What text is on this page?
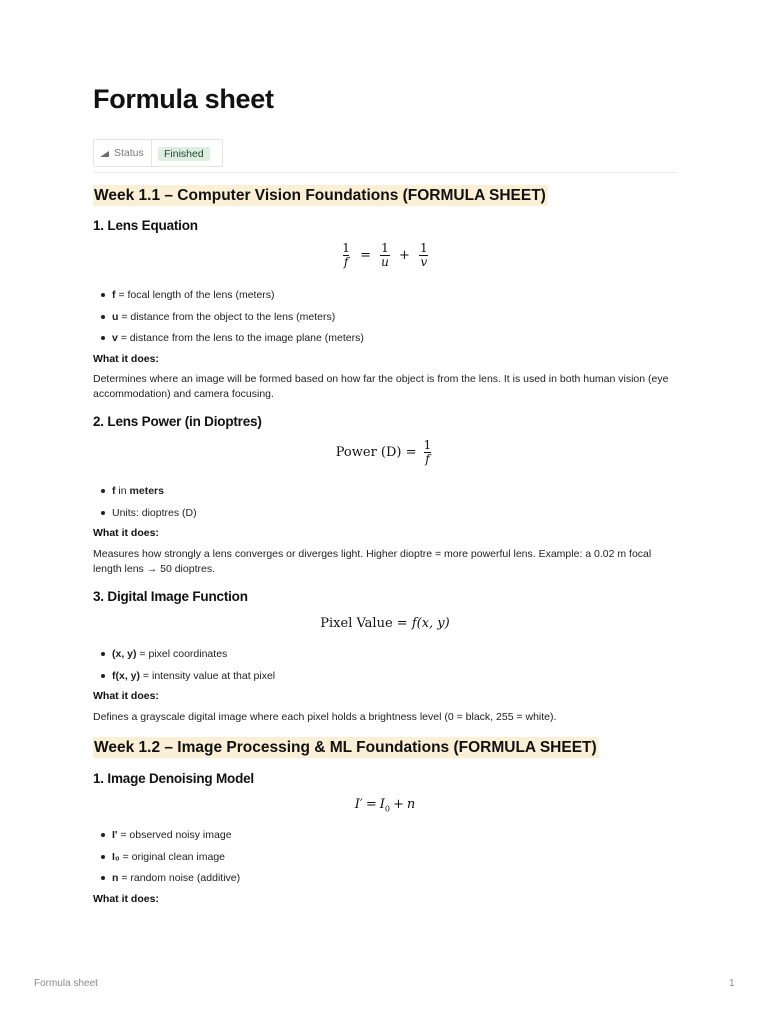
Formula sheet
Status	Finished
Week 1.1 – Computer Vision Foundations (FORMULA SHEET)
1. Lens Equation
$\frac{1}{f} = \frac{1}{u} + \frac{1}{v}$
f = focal length of the lens (meters)
u = distance from the object to the lens (meters)
v = distance from the lens to the image plane (meters)
What it does:
Determines where an image will be formed based on how far the object is from the lens. It is used in both human vision (eye accommodation) and camera focusing.
2. Lens Power (in Dioptres)
Power $(D) = \frac{1}{f}$
f in meters
Units: dioptres (D)
What it does:
Measures how strongly a lens converges or diverges light. Higher dioptre = more powerful lens. Example: a 0.02 m focal length lens → 50 dioptres.
3. Digital Image Function
Pixel Value = f(x, y)
(x, y) = pixel coordinates
f(x, y) = intensity value at that pixel
What it does:
Defines a grayscale digital image where each pixel holds a brightness level (0 = black, 255 = white).
Week 1.2 – Image Processing & ML Foundations (FORMULA SHEET)
1. Image Denoising Model
$I' = I_0 + n$
I' = observed noisy image
I₀ = original clean image
n = random noise (additive)
What it does:
Formula sheet	1
